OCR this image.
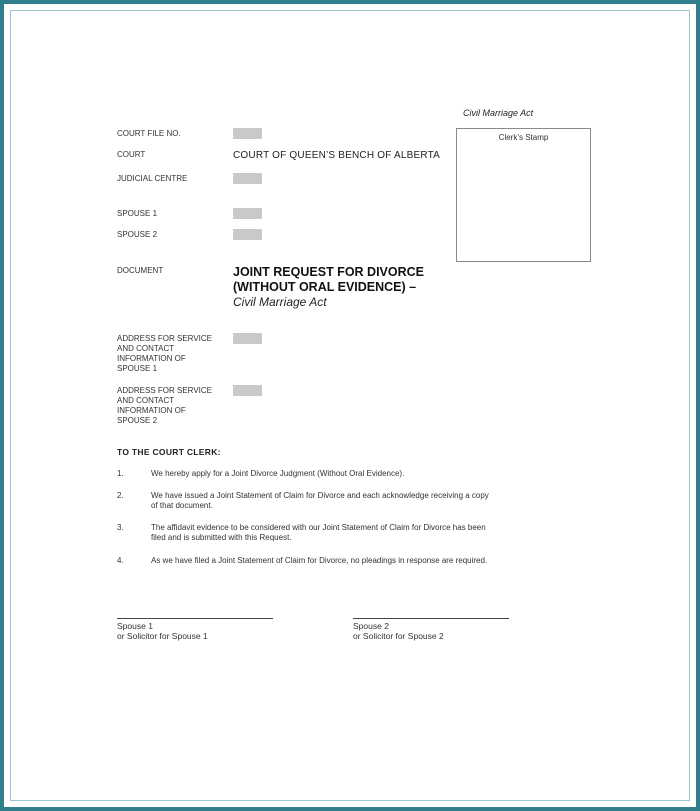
Civil Marriage Act
Clerk’s Stamp
COURT FILE NO.
COURT	COURT OF QUEEN’S BENCH OF ALBERTA
JUDICIAL CENTRE
SPOUSE 1
SPOUSE 2
DOCUMENT	JOINT REQUEST FOR DIVORCE
(WITHOUT ORAL EVIDENCE) –
Civil Marriage Act
ADDRESS FOR SERVICE
AND CONTACT
INFORMATION OF
SPOUSE 1
ADDRESS FOR SERVICE
AND CONTACT
INFORMATION OF
SPOUSE 2
TO THE COURT CLERK:
1.	We hereby apply for a Joint Divorce Judgment (Without Oral Evidence).
2.	We have issued a Joint Statement of Claim for Divorce and each acknowledge receiving a copy
of that document.
3.	The affidavit evidence to be considered with our Joint Statement of Claim for Divorce has been
filed and is submitted with this Request.
4.	As we have filed a Joint Statement of Claim for Divorce, no pleadings in response are required.
Spouse 1
or Solicitor for Spouse 1
Spouse 2
or Solicitor for Spouse 2
